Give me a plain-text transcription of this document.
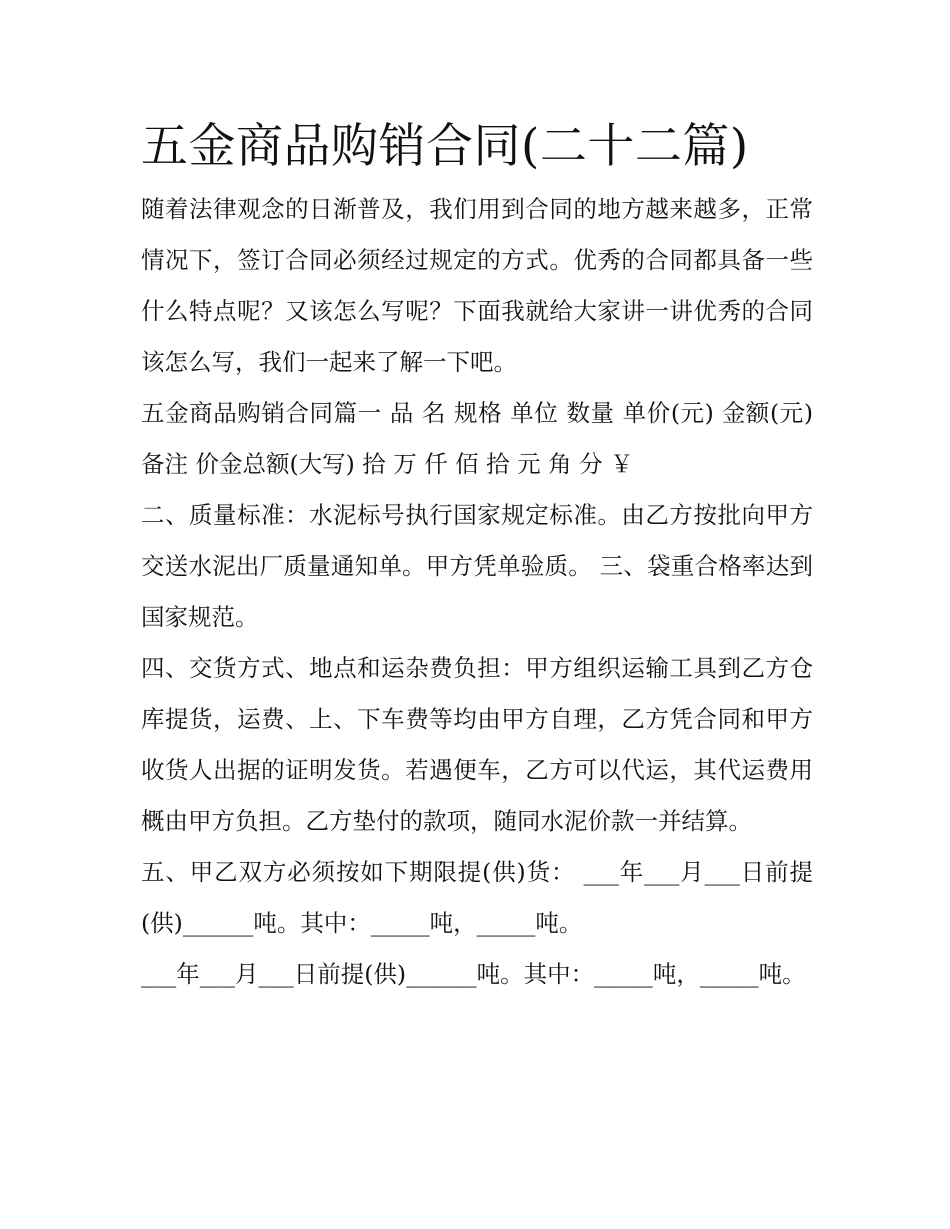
五金商品购销合同(二十二篇)

随着法律观念的日渐普及，我们用到合同的地方越来越多，正常情况下，签订合同必须经过规定的方式。优秀的合同都具备一些什么特点呢？又该怎么写呢？下面我就给大家讲一讲优秀的合同该怎么写，我们一起来了解一下吧。

五金商品购销合同篇一 品 名 规格 单位 数量 单价(元) 金额(元) 备注 价金总额(大写) 拾 万 仟 佰 拾 元 角 分 ￥

二、质量标准：水泥标号执行国家规定标准。由乙方按批向甲方交送水泥出厂质量通知单。甲方凭单验质。 三、袋重合格率达到国家规范。

四、交货方式、地点和运杂费负担：甲方组织运输工具到乙方仓库提货，运费、上、下车费等均由甲方自理，乙方凭合同和甲方收货人出据的证明发货。若遇便车，乙方可以代运，其代运费用概由甲方负担。乙方垫付的款项，随同水泥价款一并结算。

五、甲乙双方必须按如下期限提(供)货： ___年___月___日前提(供)______吨。其中：_____吨，_____吨。

___年___月___日前提(供)______吨。其中：_____吨，_____吨。
